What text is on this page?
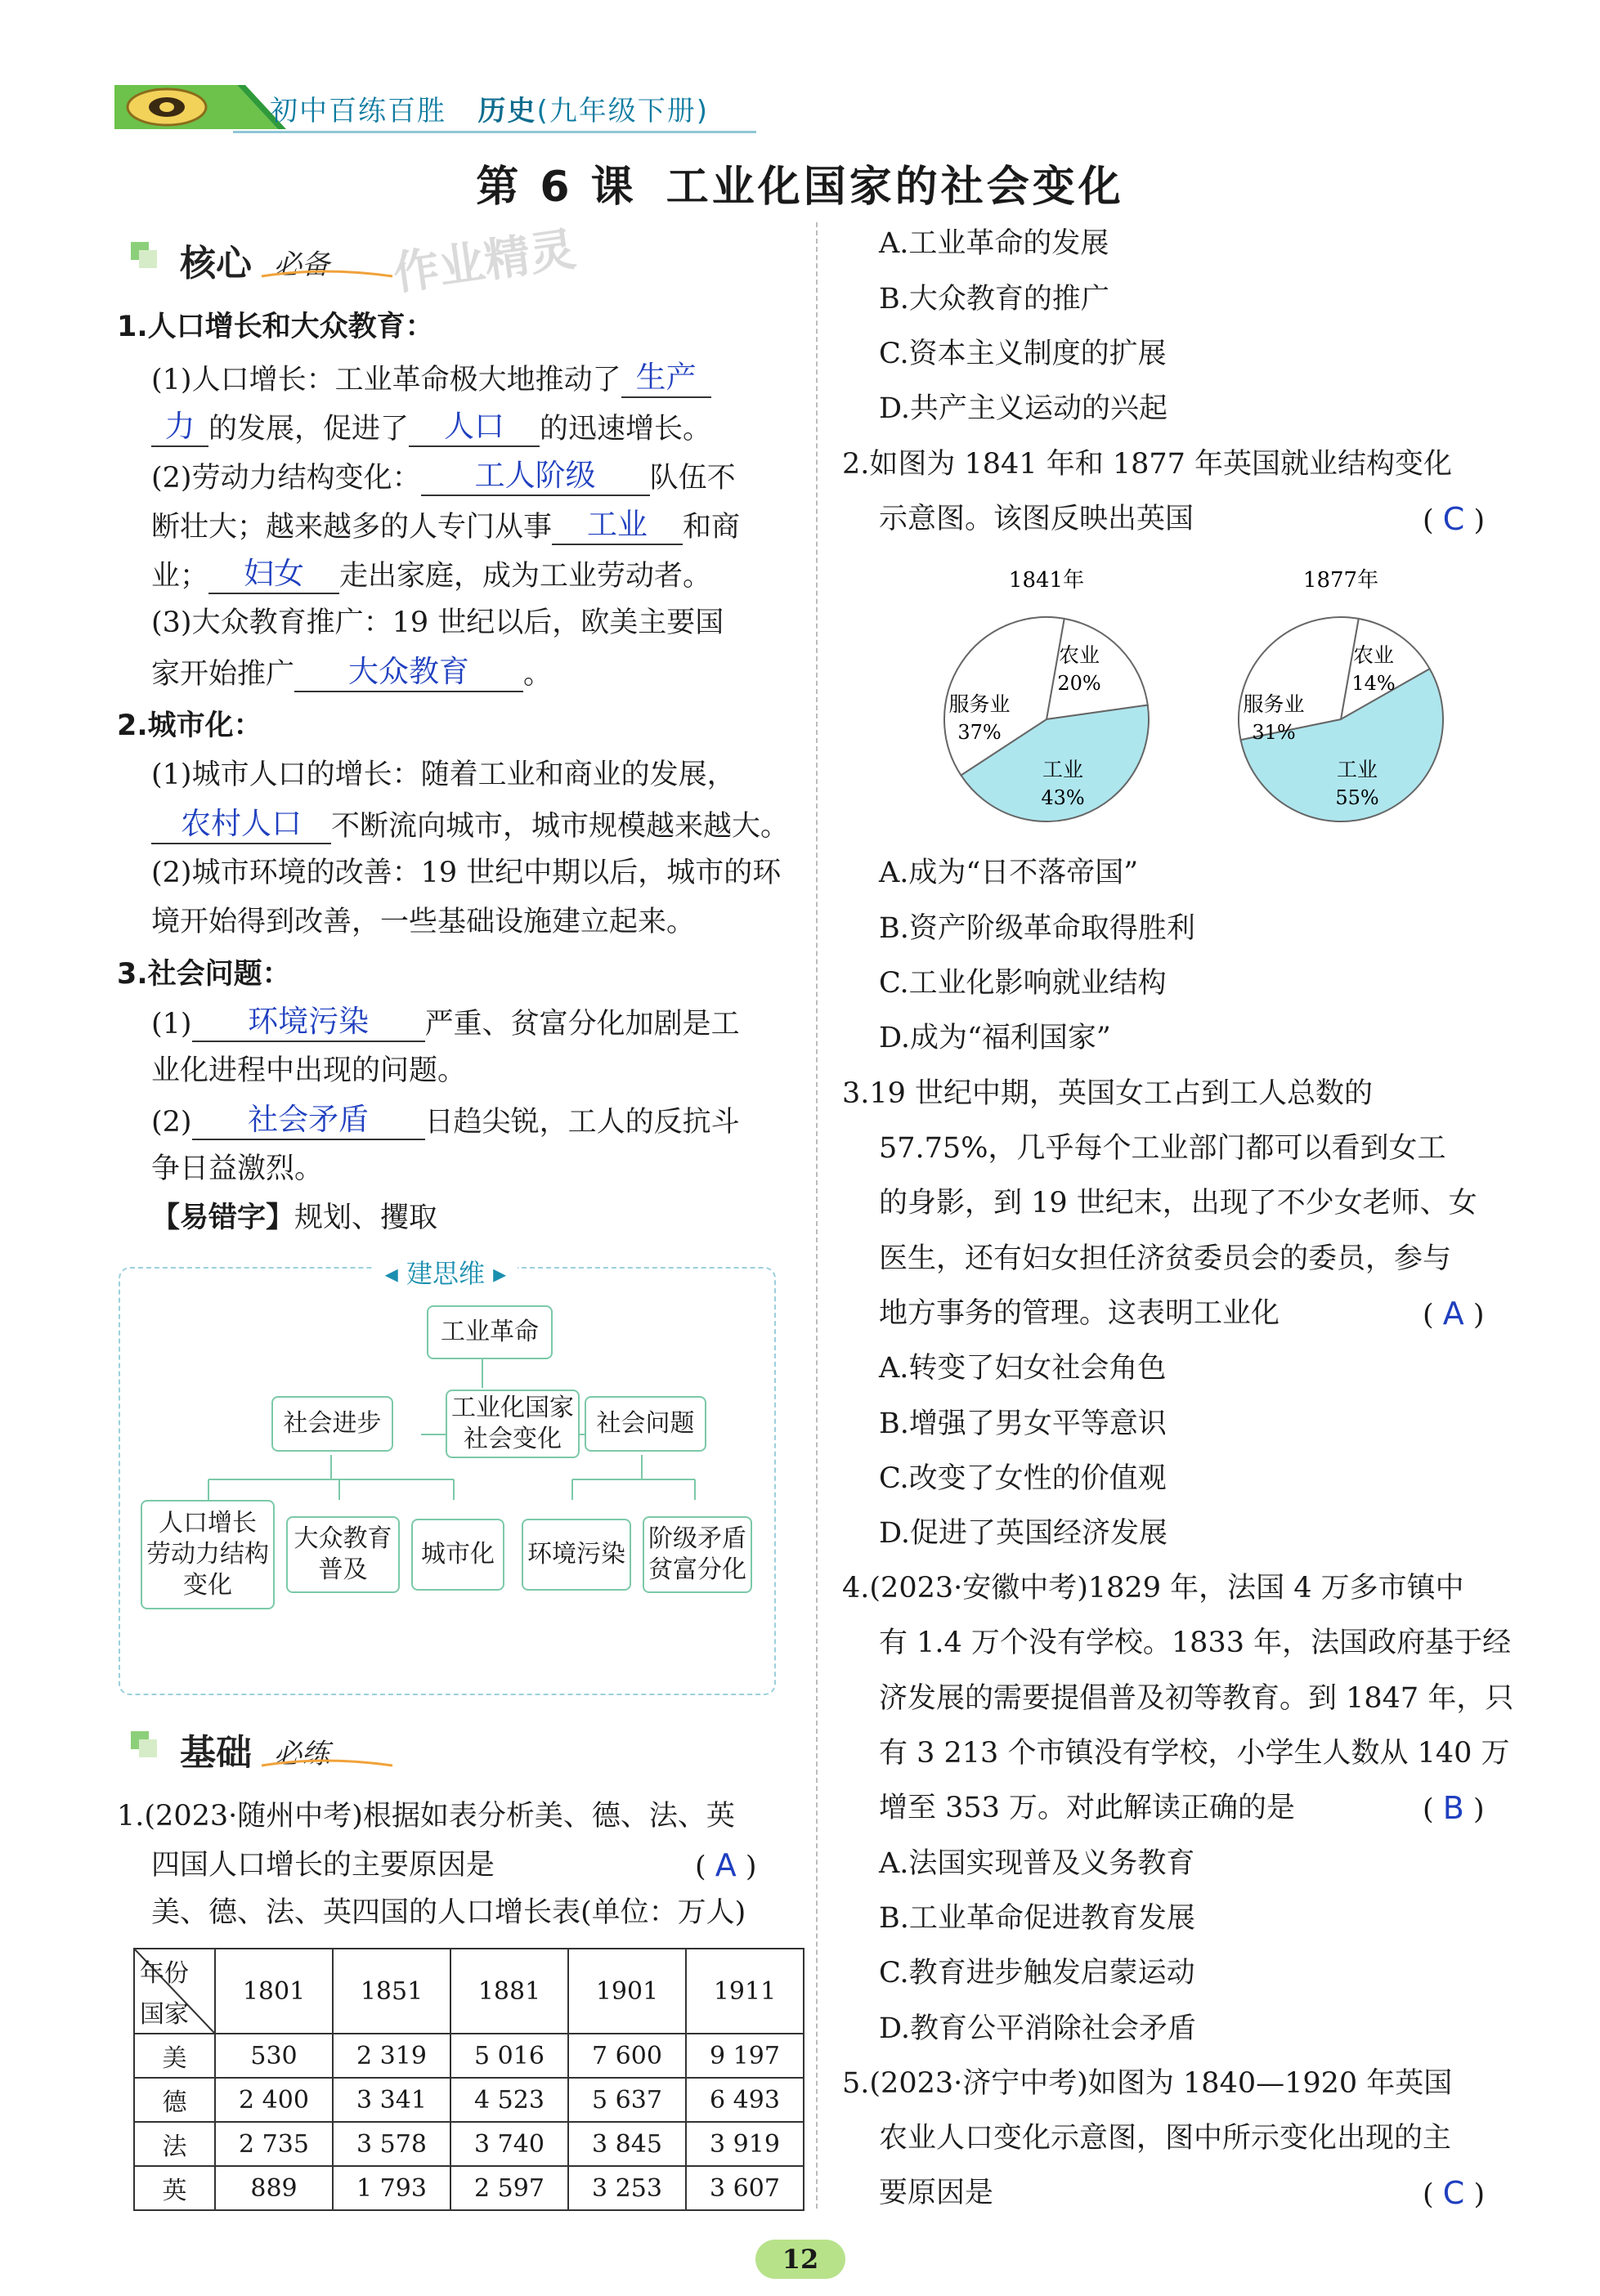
初中百练百胜 历史(九年级下册)
第 6 课 工业化国家的社会变化
核心 必备 作业精灵
1.人口增长和大众教育：
(1)人口增长：工业革命极大地推动了 生产
力 的发展，促进了 人口 的迅速增长。
(2)劳动力结构变化： 工人阶级 队伍不
断壮大；越来越多的人专门从事 工业 和商
业； 妇女 走出家庭，成为工业劳动者。
(3)大众教育推广：19 世纪以后，欧美主要国
家开始推广 大众教育 。
2.城市化：
(1)城市人口的增长：随着工业和商业的发展，
农村人口 不断流向城市，城市规模越来越大。
(2)城市环境的改善：19 世纪中期以后，城市的环
境开始得到改善，一些基础设施建立起来。
3.社会问题：
(1) 环境污染 严重、贫富分化加剧是工
业化进程中出现的问题。
(2) 社会矛盾 日趋尖锐，工人的反抗斗
争日益激烈。
【易错字】规划、攫取
◂ 建思维 ▸
工业革命
工业化国家
社会变化
社会进步	社会问题
人口增长
劳动力结构
变化
大众教育
普及
城市化	环境污染
阶级矛盾
贫富分化
基础 必练
1.(2023·随州中考)根据如表分析美、德、法、英
四国人口增长的主要原因是	( A )
美、德、法、英四国的人口增长表(单位：万人)
年份
国家	1801	1851	1881	1901	1911
美	530	2 319	5 016	7 600	9 197
德	2 400	3 341	4 523	5 637	6 493
法	2 735	3 578	3 740	3 845	3 919
英	889	1 793	2 597	3 253	3 607
A.工业革命的发展
B.大众教育的推广
C.资本主义制度的扩展
D.共产主义运动的兴起
2.如图为 1841 年和 1877 年英国就业结构变化
示意图。该图反映出英国	( C )
1841年
农业
20%
工业
43%
服务业
37%
1877年
农业
14%
工业
55%
服务业
31%
A.成为“日不落帝国”
B.资产阶级革命取得胜利
C.工业化影响就业结构
D.成为“福利国家”
3.19 世纪中期，英国女工占到工人总数的
57.75%，几乎每个工业部门都可以看到女工
的身影，到 19 世纪末，出现了不少女老师、女
医生，还有妇女担任济贫委员会的委员，参与
地方事务的管理。这表明工业化	( A )
A.转变了妇女社会角色
B.增强了男女平等意识
C.改变了女性的价值观
D.促进了英国经济发展
4.(2023·安徽中考)1829 年，法国 4 万多市镇中
有 1.4 万个没有学校。1833 年，法国政府基于经
济发展的需要提倡普及初等教育。到 1847 年，只
有 3 213 个市镇没有学校，小学生人数从 140 万
增至 353 万。对此解读正确的是	( B )
A.法国实现普及义务教育
B.工业革命促进教育发展
C.教育进步触发启蒙运动
D.教育公平消除社会矛盾
5.(2023·济宁中考)如图为 1840—1920 年英国
农业人口变化示意图，图中所示变化出现的主
要原因是	( C )
12
